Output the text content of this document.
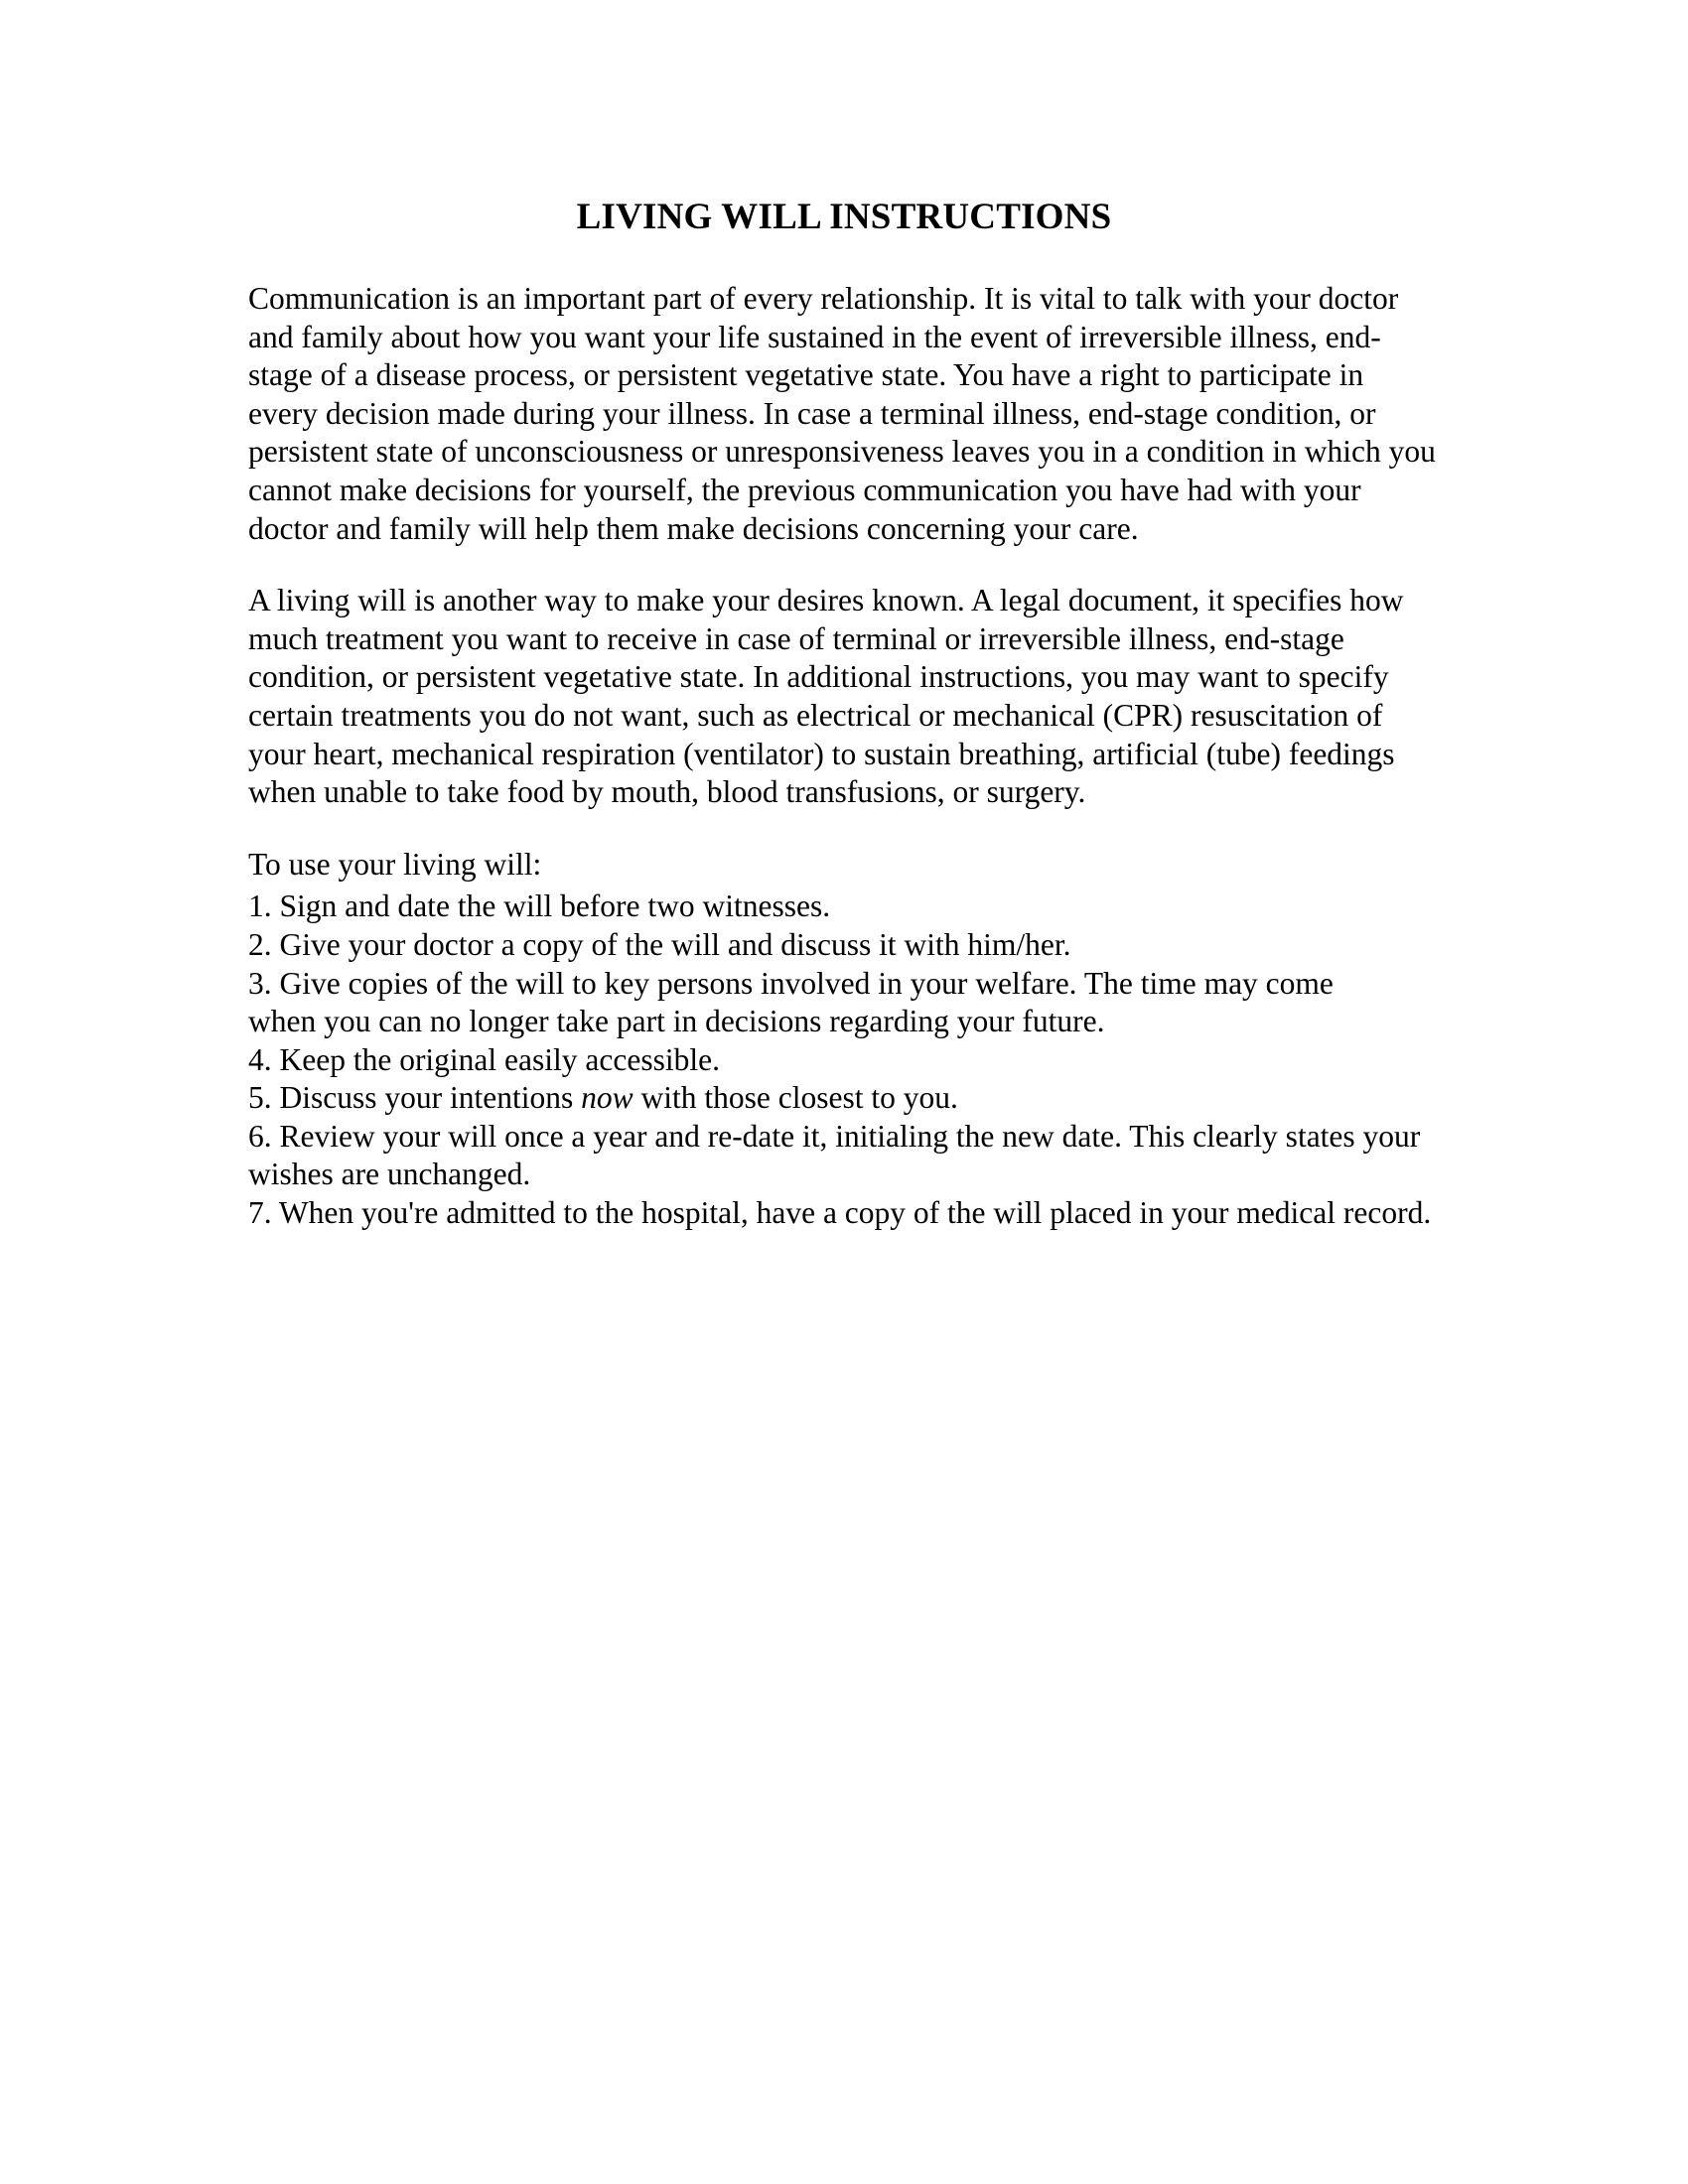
LIVING WILL INSTRUCTIONS

Communication is an important part of every relationship. It is vital to talk with your doctor and family about how you want your life sustained in the event of irreversible illness, end-stage of a disease process, or persistent vegetative state. You have a right to participate in every decision made during your illness. In case a terminal illness, end-stage condition, or persistent state of unconsciousness or unresponsiveness leaves you in a condition in which you cannot make decisions for yourself, the previous communication you have had with your doctor and family will help them make decisions concerning your care.

A living will is another way to make your desires known. A legal document, it specifies how much treatment you want to receive in case of terminal or irreversible illness, end-stage condition, or persistent vegetative state. In additional instructions, you may want to specify certain treatments you do not want, such as electrical or mechanical (CPR) resuscitation of your heart, mechanical respiration (ventilator) to sustain breathing, artificial (tube) feedings when unable to take food by mouth, blood transfusions, or surgery.

To use your living will:
1. Sign and date the will before two witnesses.
2. Give your doctor a copy of the will and discuss it with him/her.
3. Give copies of the will to key persons involved in your welfare. The time may come when you can no longer take part in decisions regarding your future.
4. Keep the original easily accessible.
5. Discuss your intentions now with those closest to you.
6. Review your will once a year and re-date it, initialing the new date. This clearly states your wishes are unchanged.
7. When you're admitted to the hospital, have a copy of the will placed in your medical record.
